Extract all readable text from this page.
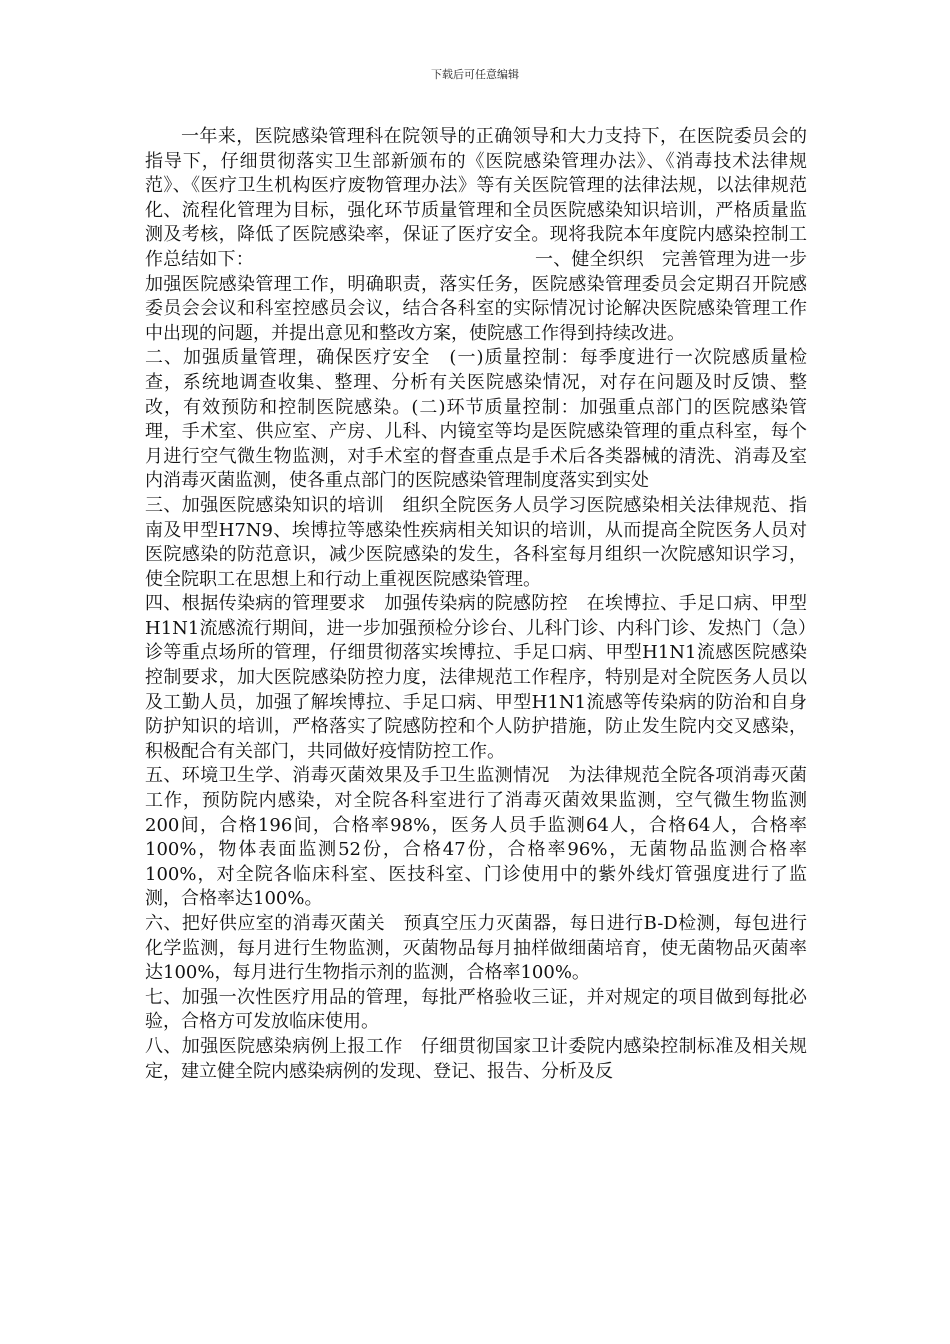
下载后可任意编辑

一年来，医院感染管理科在院领导的正确领导和大力支持下，在医院委员会的指导下，仔细贯彻落实卫生部新颁布的《医院感染管理办法》、《消毒技术法律规范》、《医疗卫生机构医疗废物管理办法》等有关医院管理的法律法规，以法律规范化、流程化管理为目标，强化环节质量管理和全员医院感染知识培训，严格质量监测及考核，降低了医院感染率，保证了医疗安全。现将我院本年度院内感染控制工作总结如下：　　　　　　　　　　　　　　　　一、健全织织　完善管理为进一步加强医院感染管理工作，明确职责，落实任务，医院感染管理委员会定期召开院感委员会会议和科室控感员会议，结合各科室的实际情况讨论解决医院感染管理工作中出现的问题，并提出意见和整改方案，使院感工作得到持续改进。

二、加强质量管理，确保医疗安全　(一)质量控制：每季度进行一次院感质量检查，系统地调查收集、整理、分析有关医院感染情况，对存在问题及时反馈、整改，有效预防和控制医院感染。(二)环节质量控制：加强重点部门的医院感染管理，手术室、供应室、产房、儿科、内镜室等均是医院感染管理的重点科室，每个月进行空气微生物监测，对手术室的督查重点是手术后各类器械的清洗、消毒及室内消毒灭菌监测，使各重点部门的医院感染管理制度落实到实处

三、加强医院感染知识的培训　组织全院医务人员学习医院感染相关法律规范、指南及甲型H7N9、埃博拉等感染性疾病相关知识的培训，从而提高全院医务人员对医院感染的防范意识，减少医院感染的发生，各科室每月组织一次院感知识学习，使全院职工在思想上和行动上重视医院感染管理。

四、根据传染病的管理要求　加强传染病的院感防控　在埃博拉、手足口病、甲型H1N1流感流行期间，进一步加强预检分诊台、儿科门诊、内科门诊、发热门（急）诊等重点场所的管理，仔细贯彻落实埃博拉、手足口病、甲型H1N1流感医院感染控制要求，加大医院感染防控力度，法律规范工作程序，特别是对全院医务人员以及工勤人员，加强了解埃博拉、手足口病、甲型H1N1流感等传染病的防治和自身防护知识的培训，严格落实了院感防控和个人防护措施，防止发生院内交叉感染，积极配合有关部门，共同做好疫情防控工作。

五、环境卫生学、消毒灭菌效果及手卫生监测情况　为法律规范全院各项消毒灭菌工作，预防院内感染，对全院各科室进行了消毒灭菌效果监测，空气微生物监测200间，合格196间，合格率98%，医务人员手监测64人，合格64人，合格率100%，物体表面监测52份，合格47份，合格率96%，无菌物品监测合格率100%，对全院各临床科室、医技科室、门诊使用中的紫外线灯管强度进行了监测，合格率达100%。

六、把好供应室的消毒灭菌关　预真空压力灭菌器，每日进行B-D检测，每包进行化学监测，每月进行生物监测，灭菌物品每月抽样做细菌培育，使无菌物品灭菌率达100%，每月进行生物指示剂的监测，合格率100%。

七、加强一次性医疗用品的管理，每批严格验收三证，并对规定的项目做到每批必验，合格方可发放临床使用。

八、加强医院感染病例上报工作　仔细贯彻国家卫计委院内感染控制标准及相关规定，建立健全院内感染病例的发现、登记、报告、分析及反
